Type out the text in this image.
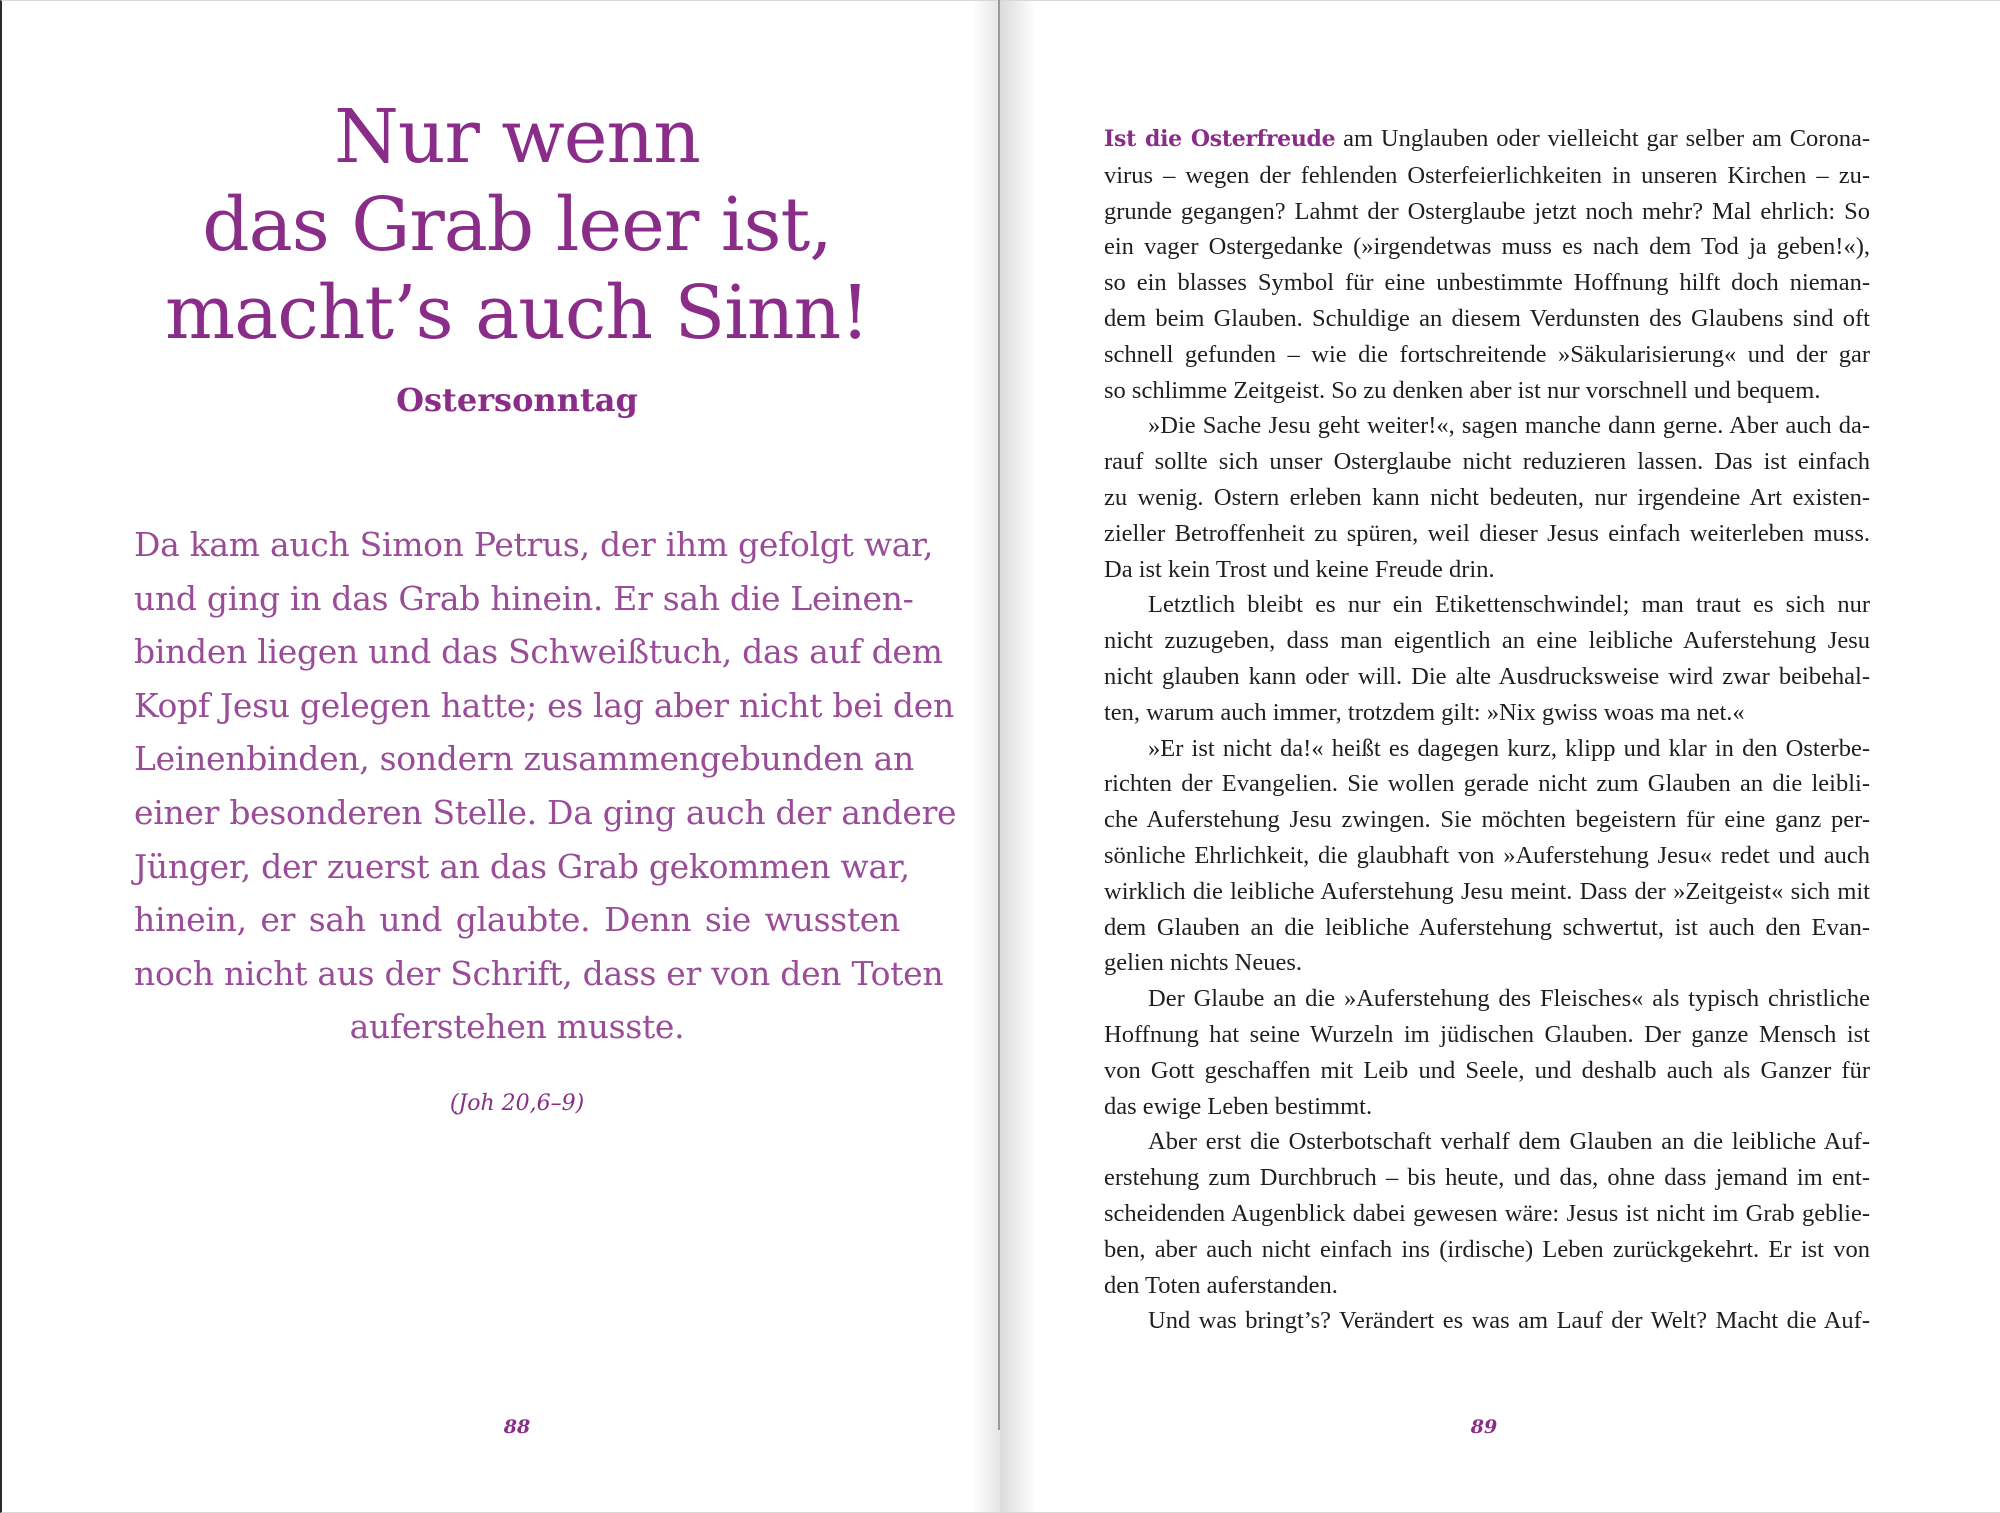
Nur wenn
das Grab leer ist,
macht’s auch Sinn!
Ostersonntag

Da kam auch Simon Petrus, der ihm gefolgt war,
und ging in das Grab hinein. Er sah die Leinen-
binden liegen und das Schweißtuch, das auf dem
Kopf Jesu gelegen hatte; es lag aber nicht bei den
Leinenbinden, sondern zusammengebunden an
einer besonderen Stelle. Da ging auch der andere
Jünger, der zuerst an das Grab gekommen war,
hinein, er sah und glaubte. Denn sie wussten
noch nicht aus der Schrift, dass er von den Toten
auferstehen musste.

(Joh 20,6–9)
88
Ist die Osterfreude am Unglauben oder vielleicht gar selber am Corona-
virus – wegen der fehlenden Osterfeierlichkeiten in unseren Kirchen – zu-
grunde gegangen? Lahmt der Osterglaube jetzt noch mehr? Mal ehrlich: So
ein vager Ostergedanke (»irgendetwas muss es nach dem Tod ja geben!«),
so ein blasses Symbol für eine unbestimmte Hoffnung hilft doch nieman-
dem beim Glauben. Schuldige an diesem Verdunsten des Glaubens sind oft
schnell gefunden – wie die fortschreitende »Säkularisierung« und der gar
so schlimme Zeitgeist. So zu denken aber ist nur vorschnell und bequem.
»Die Sache Jesu geht weiter!«, sagen manche dann gerne. Aber auch da-
rauf sollte sich unser Osterglaube nicht reduzieren lassen. Das ist einfach
zu wenig. Ostern erleben kann nicht bedeuten, nur irgendeine Art existen-
zieller Betroffenheit zu spüren, weil dieser Jesus einfach weiterleben muss.
Da ist kein Trost und keine Freude drin.
Letztlich bleibt es nur ein Etikettenschwindel; man traut es sich nur
nicht zuzugeben, dass man eigentlich an eine leibliche Auferstehung Jesu
nicht glauben kann oder will. Die alte Ausdrucksweise wird zwar beibehal-
ten, warum auch immer, trotzdem gilt: »Nix gwiss woas ma net.«
»Er ist nicht da!« heißt es dagegen kurz, klipp und klar in den Osterbe-
richten der Evangelien. Sie wollen gerade nicht zum Glauben an die leibli-
che Auferstehung Jesu zwingen. Sie möchten begeistern für eine ganz per-
sönliche Ehrlichkeit, die glaubhaft von »Auferstehung Jesu« redet und auch
wirklich die leibliche Auferstehung Jesu meint. Dass der »Zeitgeist« sich mit
dem Glauben an die leibliche Auferstehung schwertut, ist auch den Evan-
gelien nichts Neues.
Der Glaube an die »Auferstehung des Fleisches« als typisch christliche
Hoffnung hat seine Wurzeln im jüdischen Glauben. Der ganze Mensch ist
von Gott geschaffen mit Leib und Seele, und deshalb auch als Ganzer für
das ewige Leben bestimmt.
Aber erst die Osterbotschaft verhalf dem Glauben an die leibliche Auf-
erstehung zum Durchbruch – bis heute, und das, ohne dass jemand im ent-
scheidenden Augenblick dabei gewesen wäre: Jesus ist nicht im Grab geblie-
ben, aber auch nicht einfach ins (irdische) Leben zurückgekehrt. Er ist von
den Toten auferstanden.
Und was bringt’s? Verändert es was am Lauf der Welt? Macht die Auf-
89
